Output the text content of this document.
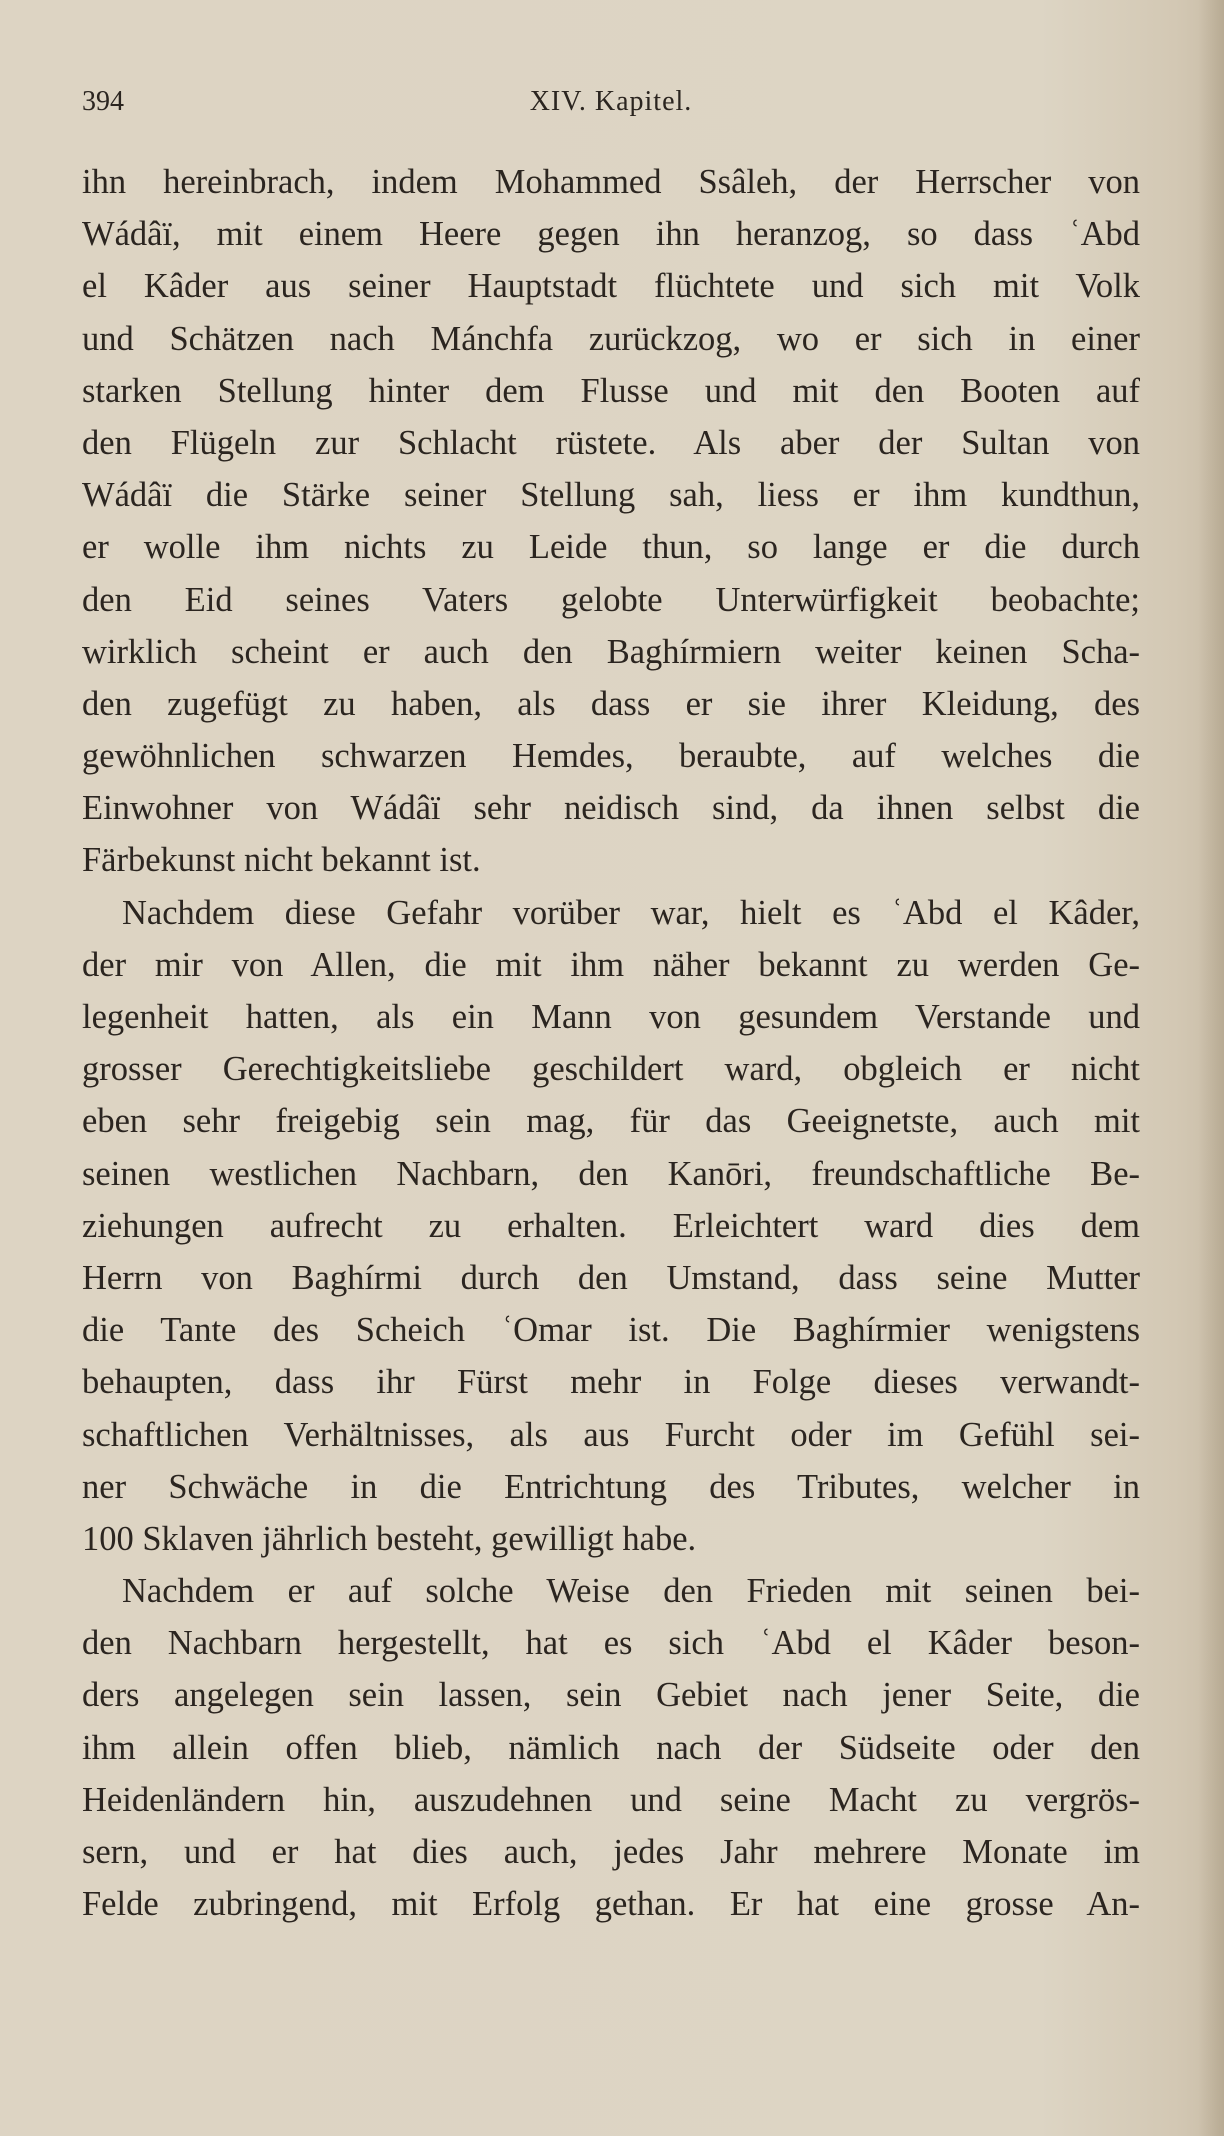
394	XIV. Kapitel.
ihn hereinbrach, indem Mohammed Ssâleh, der Herrscher von
Wádâï, mit einem Heere gegen ihn heranzog, so dass ʿAbd
el Kâder aus seiner Hauptstadt flüchtete und sich mit Volk
und Schätzen nach Mánchfa zurückzog, wo er sich in einer
starken Stellung hinter dem Flusse und mit den Booten auf
den Flügeln zur Schlacht rüstete. Als aber der Sultan von
Wádâï die Stärke seiner Stellung sah, liess er ihm kundthun,
er wolle ihm nichts zu Leide thun, so lange er die durch
den Eid seines Vaters gelobte Unterwürfigkeit beobachte;
wirklich scheint er auch den Baghírmiern weiter keinen Scha-
den zugefügt zu haben, als dass er sie ihrer Kleidung, des
gewöhnlichen schwarzen Hemdes, beraubte, auf welches die
Einwohner von Wádâï sehr neidisch sind, da ihnen selbst die
Färbekunst nicht bekannt ist.
Nachdem diese Gefahr vorüber war, hielt es ʿAbd el Kâder,
der mir von Allen, die mit ihm näher bekannt zu werden Ge-
legenheit hatten, als ein Mann von gesundem Verstande und
grosser Gerechtigkeitsliebe geschildert ward, obgleich er nicht
eben sehr freigebig sein mag, für das Geeignetste, auch mit
seinen westlichen Nachbarn, den Kanōri, freundschaftliche Be-
ziehungen aufrecht zu erhalten. Erleichtert ward dies dem
Herrn von Baghírmi durch den Umstand, dass seine Mutter
die Tante des Scheich ʿOmar ist. Die Baghírmier wenigstens
behaupten, dass ihr Fürst mehr in Folge dieses verwandt-
schaftlichen Verhältnisses, als aus Furcht oder im Gefühl sei-
ner Schwäche in die Entrichtung des Tributes, welcher in
100 Sklaven jährlich besteht, gewilligt habe.
Nachdem er auf solche Weise den Frieden mit seinen bei-
den Nachbarn hergestellt, hat es sich ʿAbd el Kâder beson-
ders angelegen sein lassen, sein Gebiet nach jener Seite, die
ihm allein offen blieb, nämlich nach der Südseite oder den
Heidenländern hin, auszudehnen und seine Macht zu vergrös-
sern, und er hat dies auch, jedes Jahr mehrere Monate im
Felde zubringend, mit Erfolg gethan. Er hat eine grosse An-
